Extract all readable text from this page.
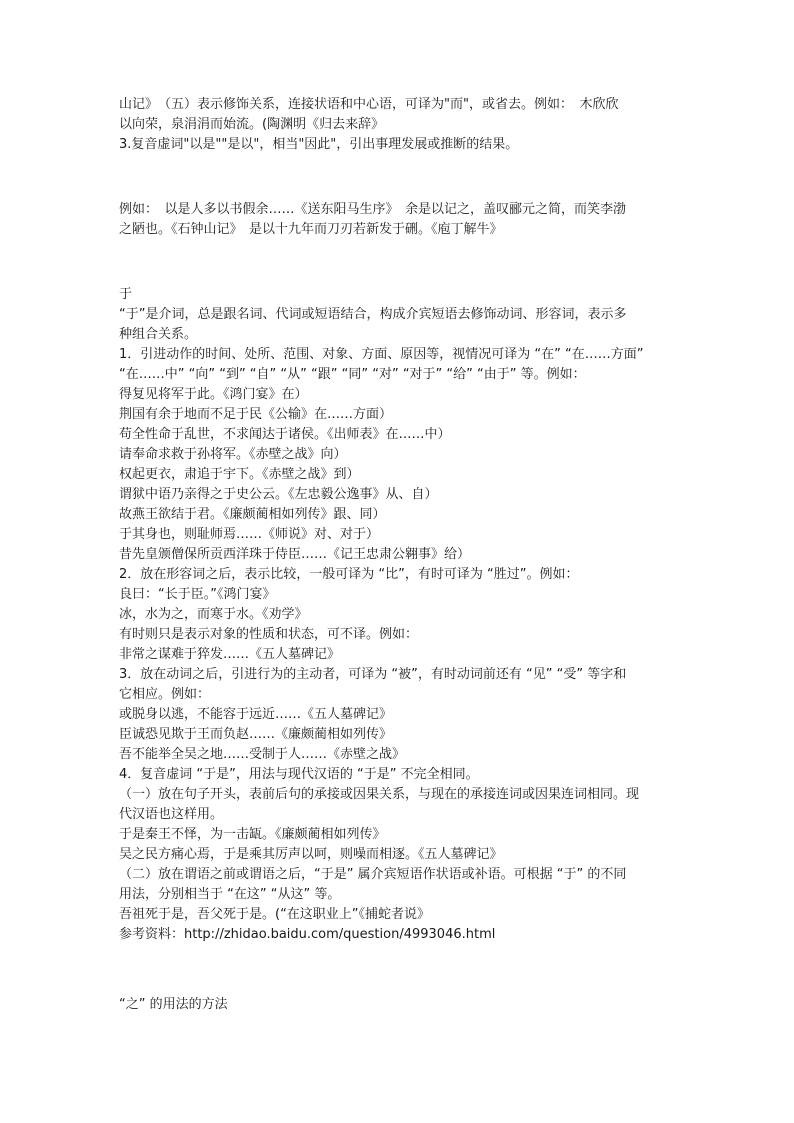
山记》　（五）表示修饰关系，连接状语和中心语，可译为"而"，或省去。例如：　木欣欣
以向荣，泉涓涓而始流。(陶渊明《归去来辞》
3.复音虚词"以是""是以"，相当"因此"，引出事理发展或推断的结果。
例如：　以是人多以书假余……《送东阳马生序》　余是以记之，盖叹郦元之简，而笑李渤
之陋也。《石钟山记》　是以十九年而刀刃若新发于硎。《庖丁解牛》
于
“于”是介词，总是跟名词、代词或短语结合，构成介宾短语去修饰动词、形容词，表示多
种组合关系。
1．引进动作的时间、处所、范围、对象、方面、原因等，视情况可译为 “在” “在……方面”
“在……中” “向” “到” “自” “从” “跟” “同” “对” “对于” “给” “由于” 等。例如：
得复见将军于此。《鸿门宴》在）
荆国有余于地而不足于民《公输》在……方面）
苟全性命于乱世，不求闻达于诸侯。《出师表》在……中）
请奉命求救于孙将军。《赤壁之战》向）
权起更衣，肃追于宇下。《赤壁之战》到）
谓狱中语乃亲得之于史公云。《左忠毅公逸事》从、自）
故燕王欲结于君。《廉颇蔺相如列传》跟、同）
于其身也，则耻师焉……《师说》对、对于）
昔先皇颁僧保所贡西洋珠于侍臣……《记王忠肃公翱事》给）
2．放在形容词之后，表示比较，一般可译为 “比”，有时可译为 “胜过”。例如：
良曰：“长于臣。”《鸿门宴》
冰，水为之，而寒于水。《劝学》
有时则只是表示对象的性质和状态，可不译。例如：
非常之谋难于猝发……《五人墓碑记》
3．放在动词之后，引进行为的主动者，可译为 “被”，有时动词前还有 “见” “受” 等字和
它相应。例如：
或脱身以逃，不能容于远近……《五人墓碑记》
臣诚恐见欺于王而负赵……《廉颇蔺相如列传》
吾不能举全吴之地……受制于人……《赤壁之战》
4．复音虚词 “于是”，用法与现代汉语的 “于是” 不完全相同。
（一）放在句子开头，表前后句的承接或因果关系，与现在的承接连词或因果连词相同。现
代汉语也这样用。
于是秦王不怿，为一击缻。《廉颇蔺相如列传》
吴之民方痛心焉，于是乘其厉声以呵，则噪而相逐。《五人墓碑记》
（二）放在谓语之前或谓语之后，“于是” 属介宾短语作状语或补语。可根据 “于” 的不同
用法，分别相当于 “在这” “从这” 等。
吾祖死于是，吾父死于是。(“在这职业上”《捕蛇者说》
参考资料：http://zhidao.baidu.com/question/4993046.html
“之” 的用法的方法
